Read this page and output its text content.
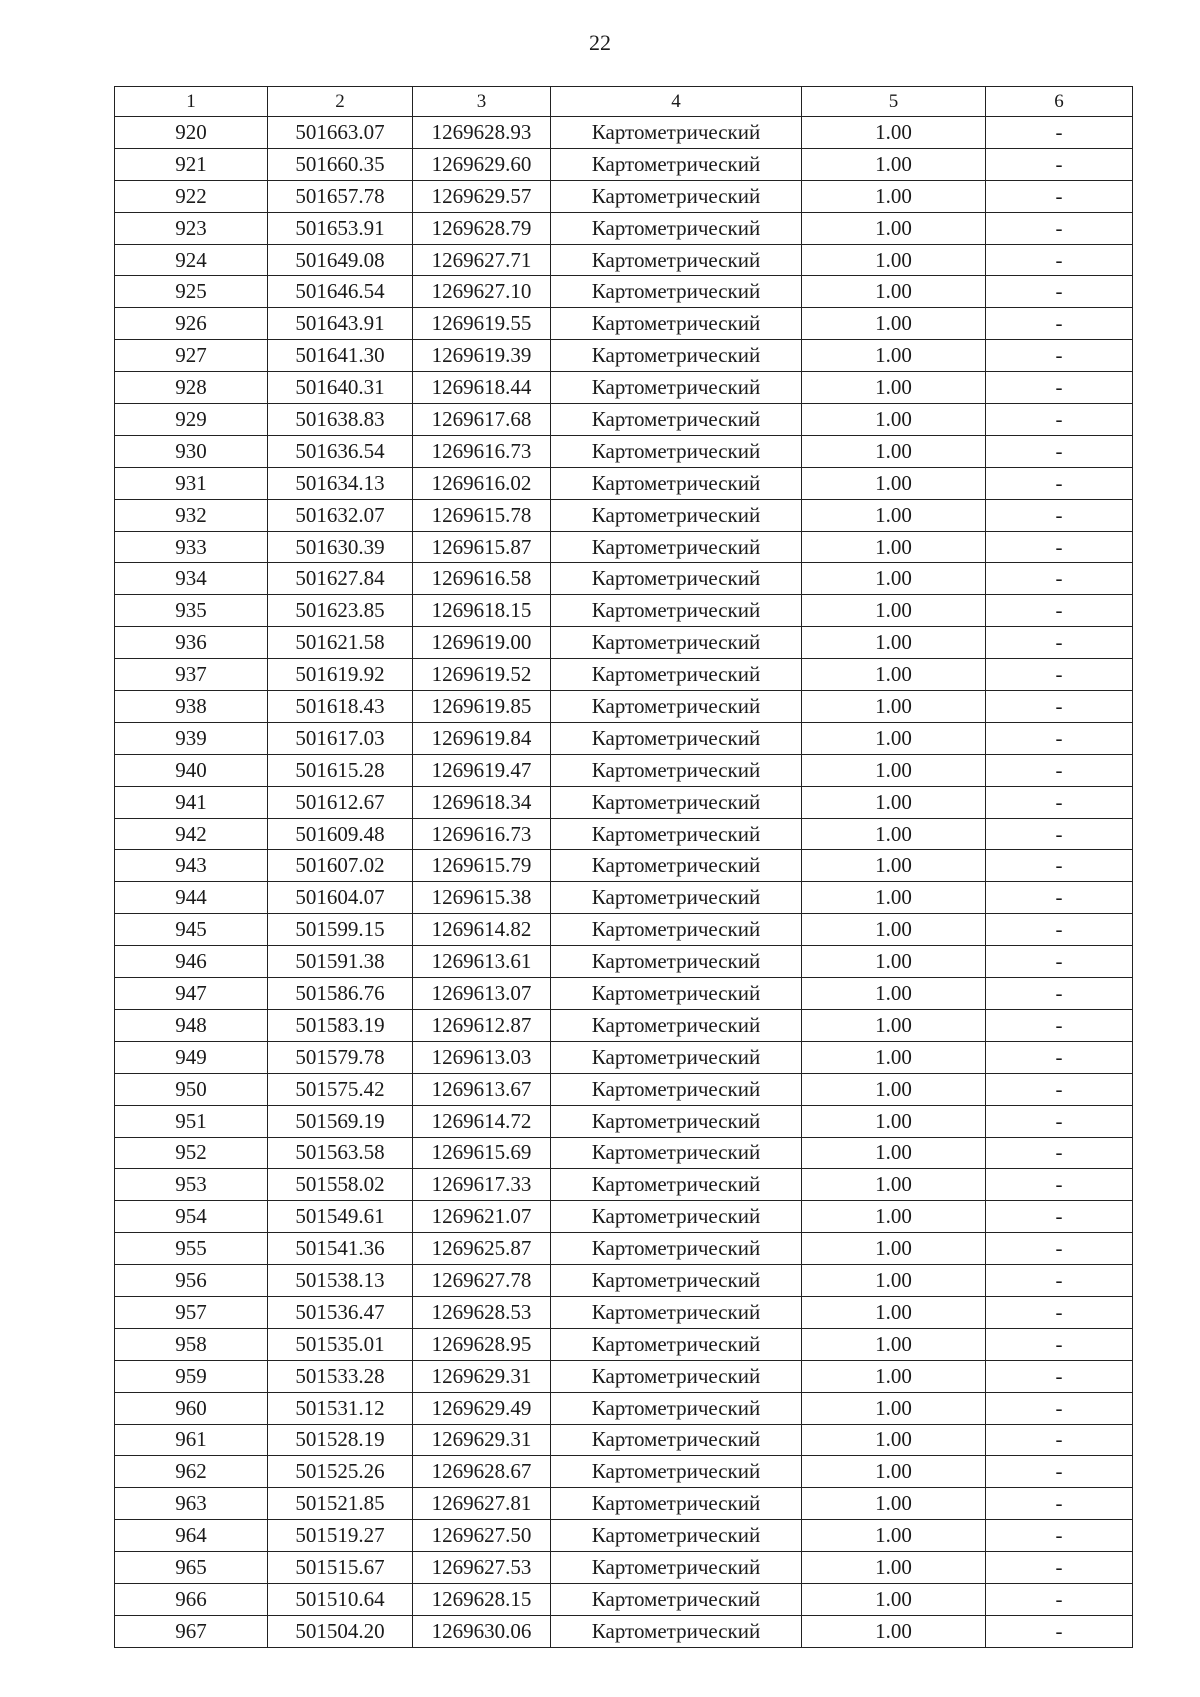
22
1	2	3	4	5	6
920	501663.07	1269628.93	Картометрический	1.00	-
921	501660.35	1269629.60	Картометрический	1.00	-
922	501657.78	1269629.57	Картометрический	1.00	-
923	501653.91	1269628.79	Картометрический	1.00	-
924	501649.08	1269627.71	Картометрический	1.00	-
925	501646.54	1269627.10	Картометрический	1.00	-
926	501643.91	1269619.55	Картометрический	1.00	-
927	501641.30	1269619.39	Картометрический	1.00	-
928	501640.31	1269618.44	Картометрический	1.00	-
929	501638.83	1269617.68	Картометрический	1.00	-
930	501636.54	1269616.73	Картометрический	1.00	-
931	501634.13	1269616.02	Картометрический	1.00	-
932	501632.07	1269615.78	Картометрический	1.00	-
933	501630.39	1269615.87	Картометрический	1.00	-
934	501627.84	1269616.58	Картометрический	1.00	-
935	501623.85	1269618.15	Картометрический	1.00	-
936	501621.58	1269619.00	Картометрический	1.00	-
937	501619.92	1269619.52	Картометрический	1.00	-
938	501618.43	1269619.85	Картометрический	1.00	-
939	501617.03	1269619.84	Картометрический	1.00	-
940	501615.28	1269619.47	Картометрический	1.00	-
941	501612.67	1269618.34	Картометрический	1.00	-
942	501609.48	1269616.73	Картометрический	1.00	-
943	501607.02	1269615.79	Картометрический	1.00	-
944	501604.07	1269615.38	Картометрический	1.00	-
945	501599.15	1269614.82	Картометрический	1.00	-
946	501591.38	1269613.61	Картометрический	1.00	-
947	501586.76	1269613.07	Картометрический	1.00	-
948	501583.19	1269612.87	Картометрический	1.00	-
949	501579.78	1269613.03	Картометрический	1.00	-
950	501575.42	1269613.67	Картометрический	1.00	-
951	501569.19	1269614.72	Картометрический	1.00	-
952	501563.58	1269615.69	Картометрический	1.00	-
953	501558.02	1269617.33	Картометрический	1.00	-
954	501549.61	1269621.07	Картометрический	1.00	-
955	501541.36	1269625.87	Картометрический	1.00	-
956	501538.13	1269627.78	Картометрический	1.00	-
957	501536.47	1269628.53	Картометрический	1.00	-
958	501535.01	1269628.95	Картометрический	1.00	-
959	501533.28	1269629.31	Картометрический	1.00	-
960	501531.12	1269629.49	Картометрический	1.00	-
961	501528.19	1269629.31	Картометрический	1.00	-
962	501525.26	1269628.67	Картометрический	1.00	-
963	501521.85	1269627.81	Картометрический	1.00	-
964	501519.27	1269627.50	Картометрический	1.00	-
965	501515.67	1269627.53	Картометрический	1.00	-
966	501510.64	1269628.15	Картометрический	1.00	-
967	501504.20	1269630.06	Картометрический	1.00	-
